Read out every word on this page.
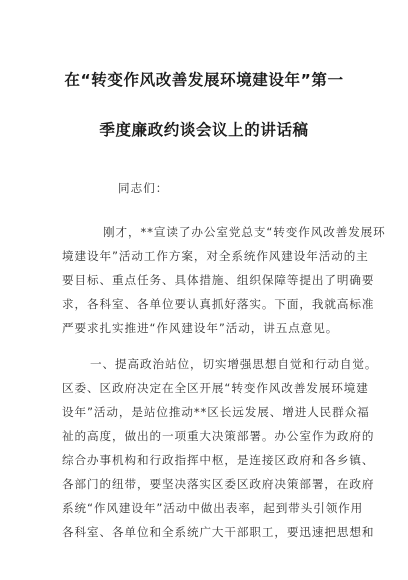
在“转变作风改善发展环境建设年”第一
季度廉政约谈会议上的讲话稿
同志们：
刚才，**宣读了办公室党总支“转变作风改善发展环
境建设年”活动工作方案，对全系统作风建设年活动的主
要目标、重点任务、具体措施、组织保障等提出了明确要
求，各科室、各单位要认真抓好落实。下面，我就高标准
严要求扎实推进“作风建设年”活动，讲五点意见。
一、提高政治站位，切实增强思想自觉和行动自觉。
区委、区政府决定在全区开展“转变作风改善发展环境建
设年”活动，是站位推动**区长远发展、增进人民群众福
祉的高度，做出的一项重大决策部署。办公室作为政府的
综合办事机构和行政指挥中枢，是连接区政府和各乡镇、
各部门的纽带，要坚决落实区委区政府决策部署，在政府
系统“作风建设年”活动中做出表率，起到带头引领作用
各科室、各单位和全系统广大干部职工，要迅速把思想和
